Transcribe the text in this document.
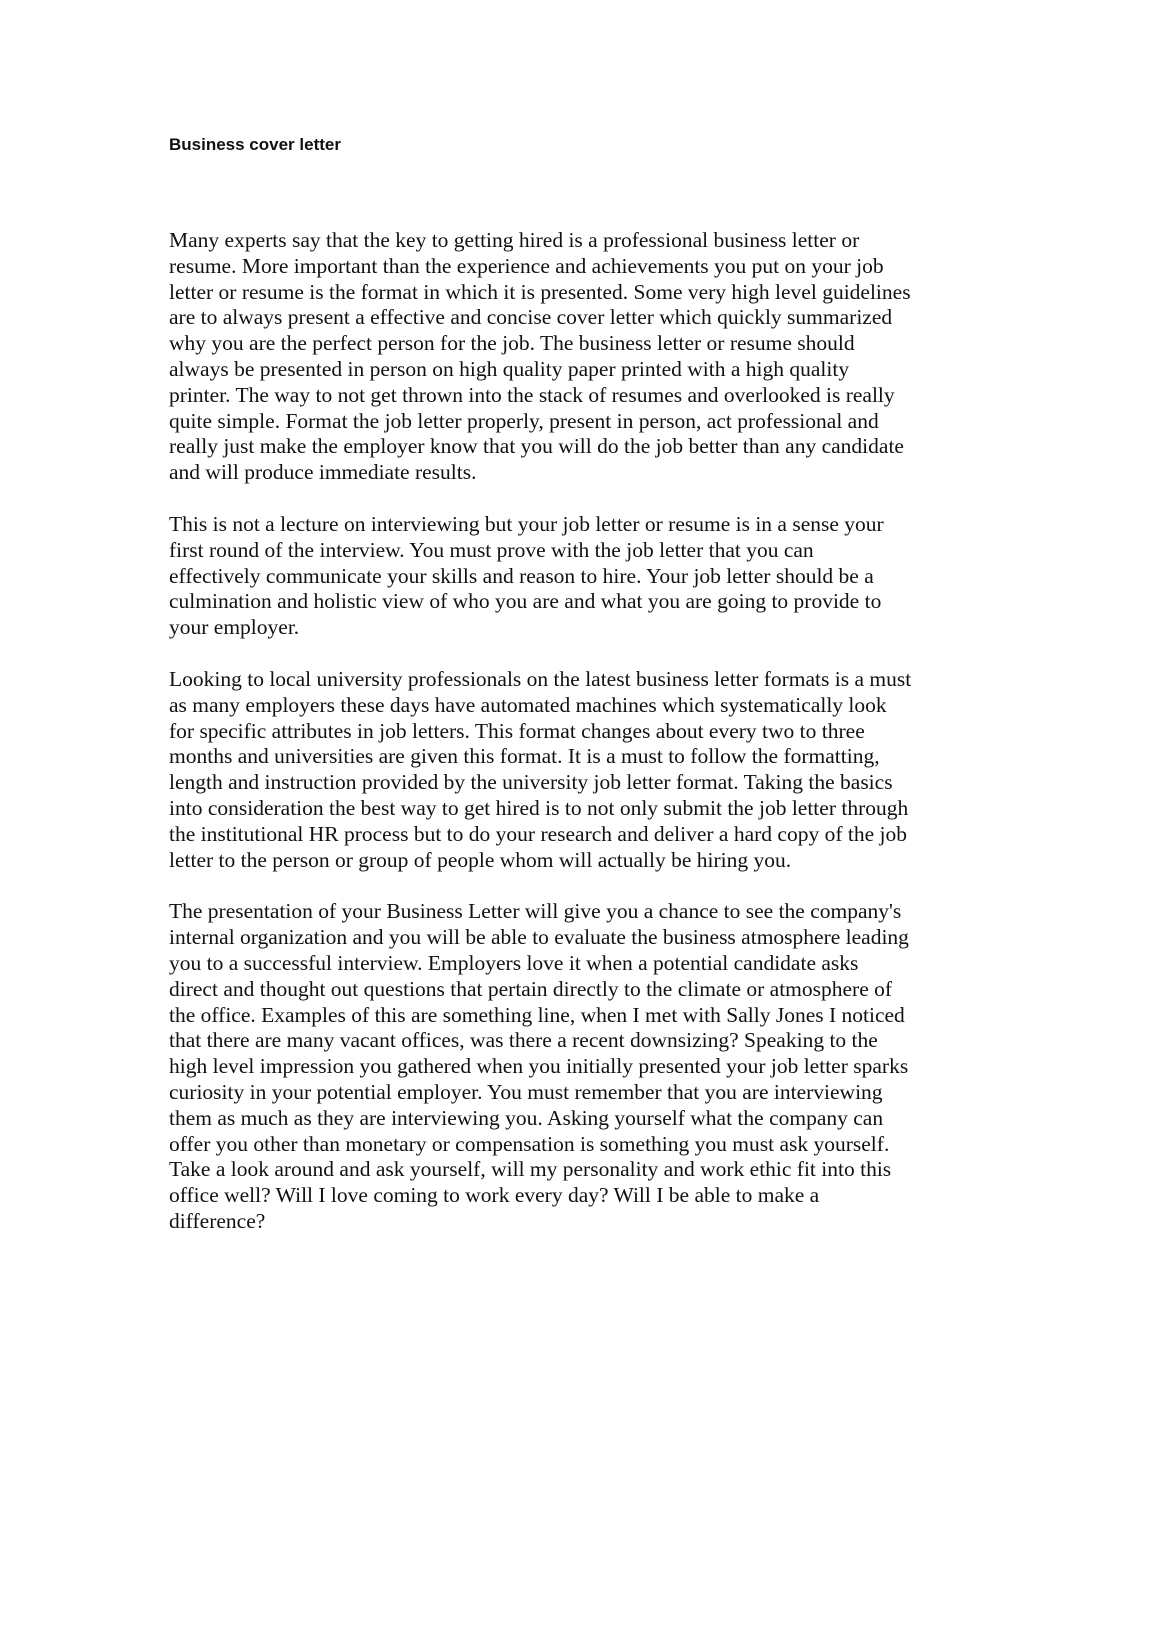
Business cover letter

Many experts say that the key to getting hired is a professional business letter or
resume. More important than the experience and achievements you put on your job
letter or resume is the format in which it is presented. Some very high level guidelines
are to always present a effective and concise cover letter which quickly summarized
why you are the perfect person for the job. The business letter or resume should
always be presented in person on high quality paper printed with a high quality
printer. The way to not get thrown into the stack of resumes and overlooked is really
quite simple. Format the job letter properly, present in person, act professional and
really just make the employer know that you will do the job better than any candidate
and will produce immediate results.

This is not a lecture on interviewing but your job letter or resume is in a sense your
first round of the interview. You must prove with the job letter that you can
effectively communicate your skills and reason to hire. Your job letter should be a
culmination and holistic view of who you are and what you are going to provide to
your employer.

Looking to local university professionals on the latest business letter formats is a must
as many employers these days have automated machines which systematically look
for specific attributes in job letters. This format changes about every two to three
months and universities are given this format. It is a must to follow the formatting,
length and instruction provided by the university job letter format. Taking the basics
into consideration the best way to get hired is to not only submit the job letter through
the institutional HR process but to do your research and deliver a hard copy of the job
letter to the person or group of people whom will actually be hiring you.

The presentation of your Business Letter will give you a chance to see the company's
internal organization and you will be able to evaluate the business atmosphere leading
you to a successful interview. Employers love it when a potential candidate asks
direct and thought out questions that pertain directly to the climate or atmosphere of
the office. Examples of this are something line, when I met with Sally Jones I noticed
that there are many vacant offices, was there a recent downsizing? Speaking to the
high level impression you gathered when you initially presented your job letter sparks
curiosity in your potential employer. You must remember that you are interviewing
them as much as they are interviewing you. Asking yourself what the company can
offer you other than monetary or compensation is something you must ask yourself.
Take a look around and ask yourself, will my personality and work ethic fit into this
office well? Will I love coming to work every day? Will I be able to make a
difference?
